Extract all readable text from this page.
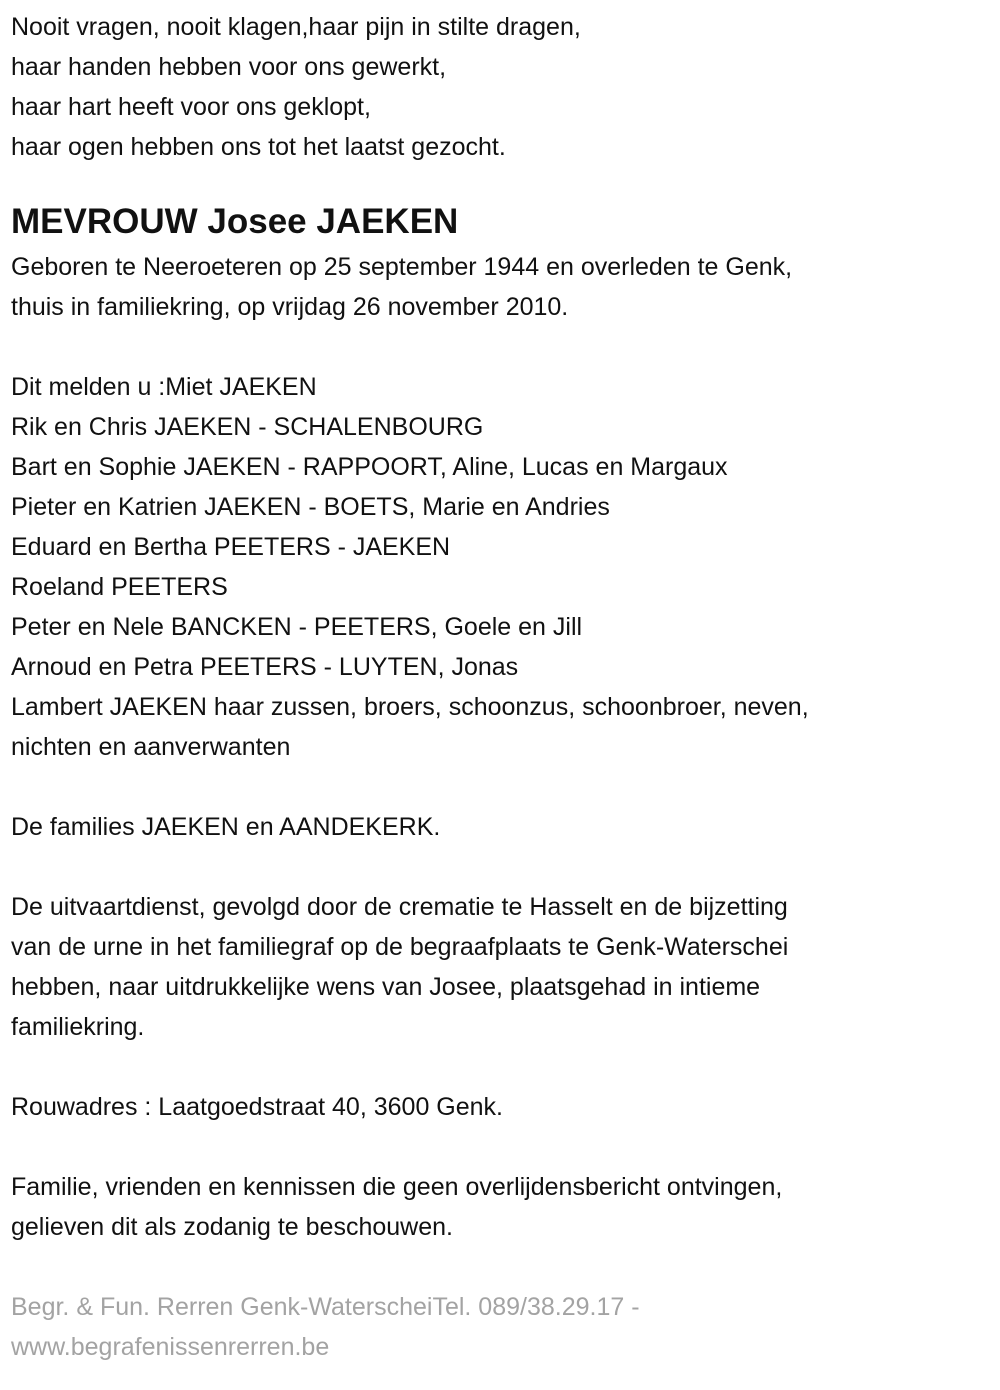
Nooit vragen, nooit klagen,haar pijn in stilte dragen,
haar handen hebben voor ons gewerkt,
haar hart heeft voor ons geklopt,
haar ogen hebben ons tot het laatst gezocht.
MEVROUW Josee JAEKEN
Geboren te Neeroeteren op 25 september 1944 en overleden te Genk,
thuis in familiekring, op vrijdag 26 november 2010.
Dit melden u :Miet JAEKEN
Rik en Chris JAEKEN - SCHALENBOURG
Bart en Sophie JAEKEN - RAPPOORT, Aline, Lucas en Margaux
Pieter en Katrien JAEKEN - BOETS, Marie en Andries
Eduard en Bertha PEETERS - JAEKEN
Roeland PEETERS
Peter en Nele BANCKEN - PEETERS, Goele en Jill
Arnoud en Petra PEETERS - LUYTEN, Jonas
Lambert JAEKEN haar zussen, broers, schoonzus, schoonbroer, neven,
nichten en aanverwanten
De families JAEKEN en AANDEKERK.
De uitvaartdienst, gevolgd door de crematie te Hasselt en de bijzetting
van de urne in het familiegraf op de begraafplaats te Genk-Waterschei
hebben, naar uitdrukkelijke wens van Josee, plaatsgehad in intieme
familiekring.
Rouwadres : Laatgoedstraat 40, 3600 Genk.
Familie, vrienden en kennissen die geen overlijdensbericht ontvingen,
gelieven dit als zodanig te beschouwen.
Begr. & Fun. Rerren Genk-WaterscheiTel. 089/38.29.17 -
www.begrafenissenrerren.be
